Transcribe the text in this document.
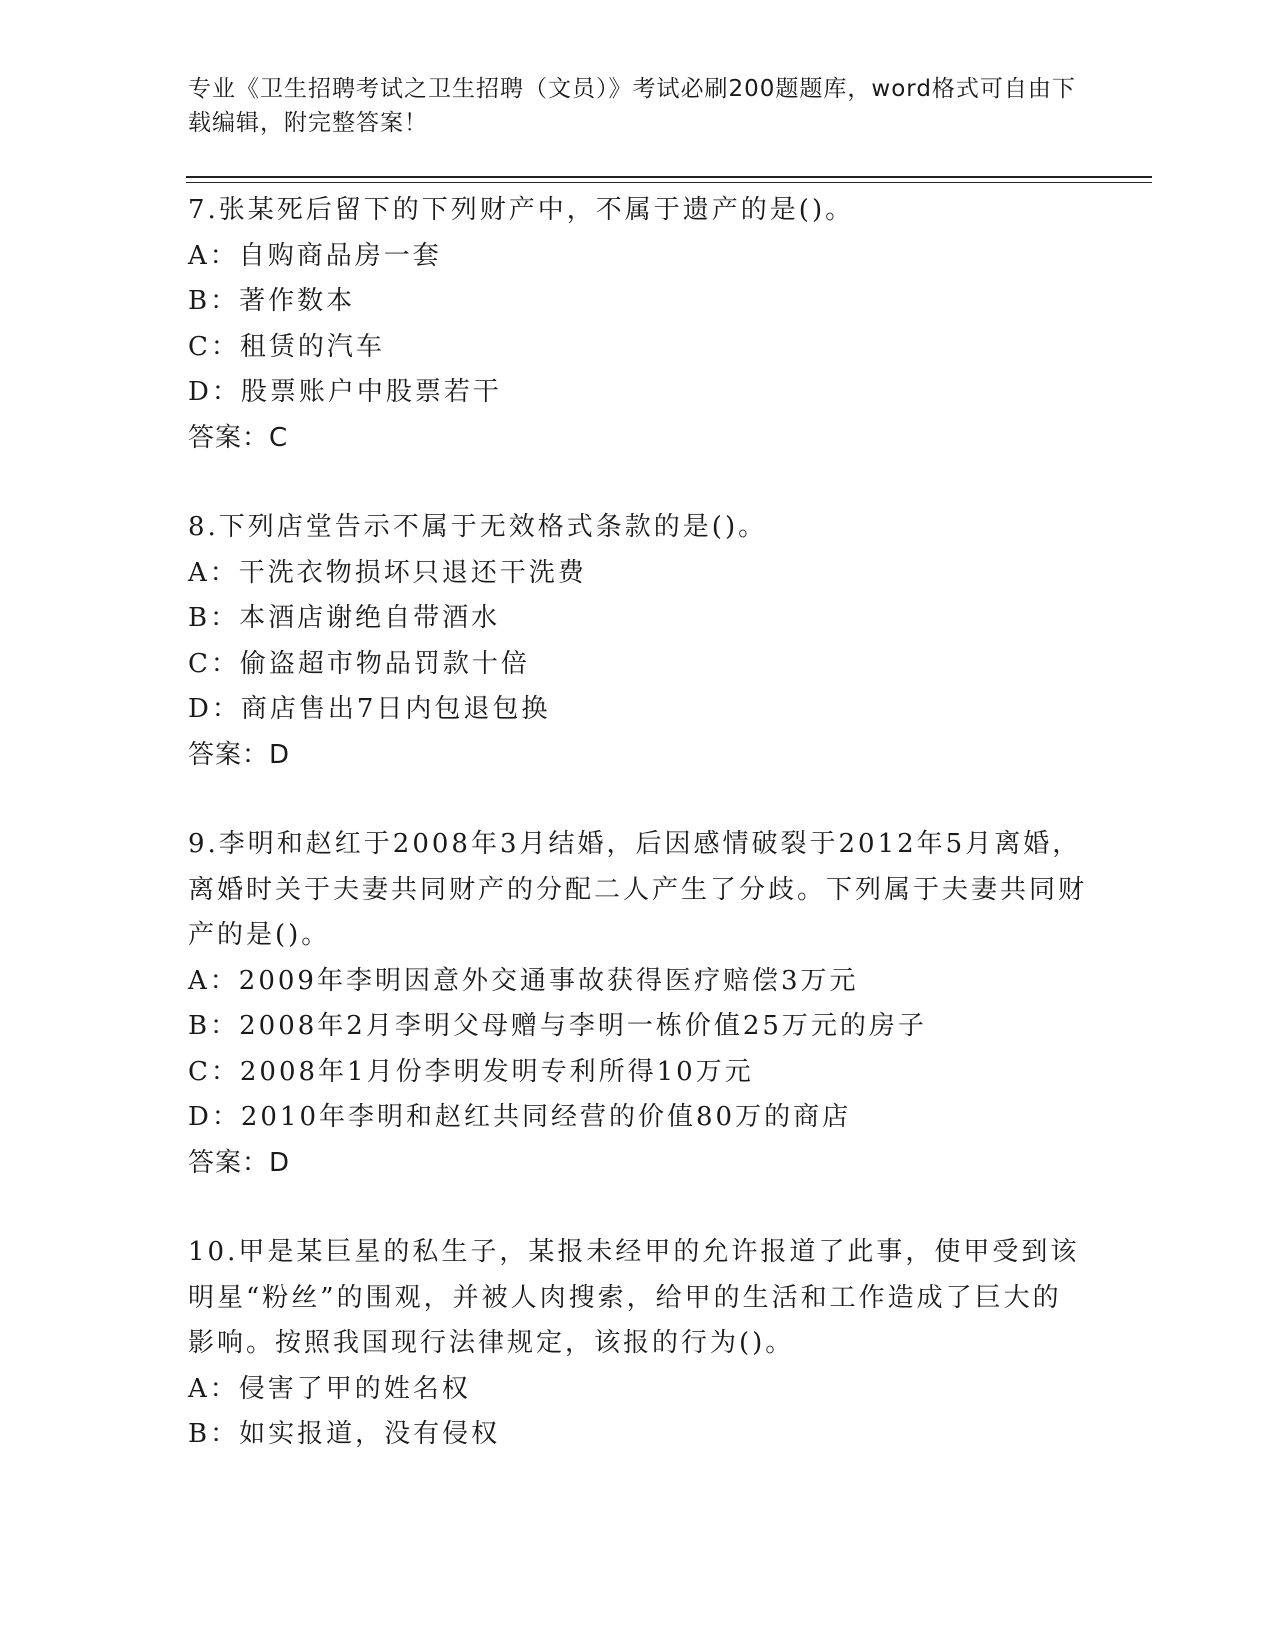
专业《卫生招聘考试之卫生招聘（文员）》考试必刷200题题库，word格式可自由下载编辑，附完整答案！

7.张某死后留下的下列财产中，不属于遗产的是()。

A：自购商品房一套

B：著作数本

C：租赁的汽车

D：股票账户中股票若干

答案：C

8.下列店堂告示不属于无效格式条款的是()。

A：干洗衣物损坏只退还干洗费

B：本酒店谢绝自带酒水

C：偷盗超市物品罚款十倍

D：商店售出7日内包退包换

答案：D

9.李明和赵红于2008年3月结婚，后因感情破裂于2012年5月离婚，离婚时关于夫妻共同财产的分配二人产生了分歧。下列属于夫妻共同财产的是()。

A：2009年李明因意外交通事故获得医疗赔偿3万元

B：2008年2月李明父母赠与李明一栋价值25万元的房子

C：2008年1月份李明发明专利所得10万元

D：2010年李明和赵红共同经营的价值80万的商店

答案：D

10.甲是某巨星的私生子，某报未经甲的允许报道了此事，使甲受到该明星“粉丝”的围观，并被人肉搜索，给甲的生活和工作造成了巨大的影响。按照我国现行法律规定，该报的行为()。

A：侵害了甲的姓名权

B：如实报道，没有侵权
